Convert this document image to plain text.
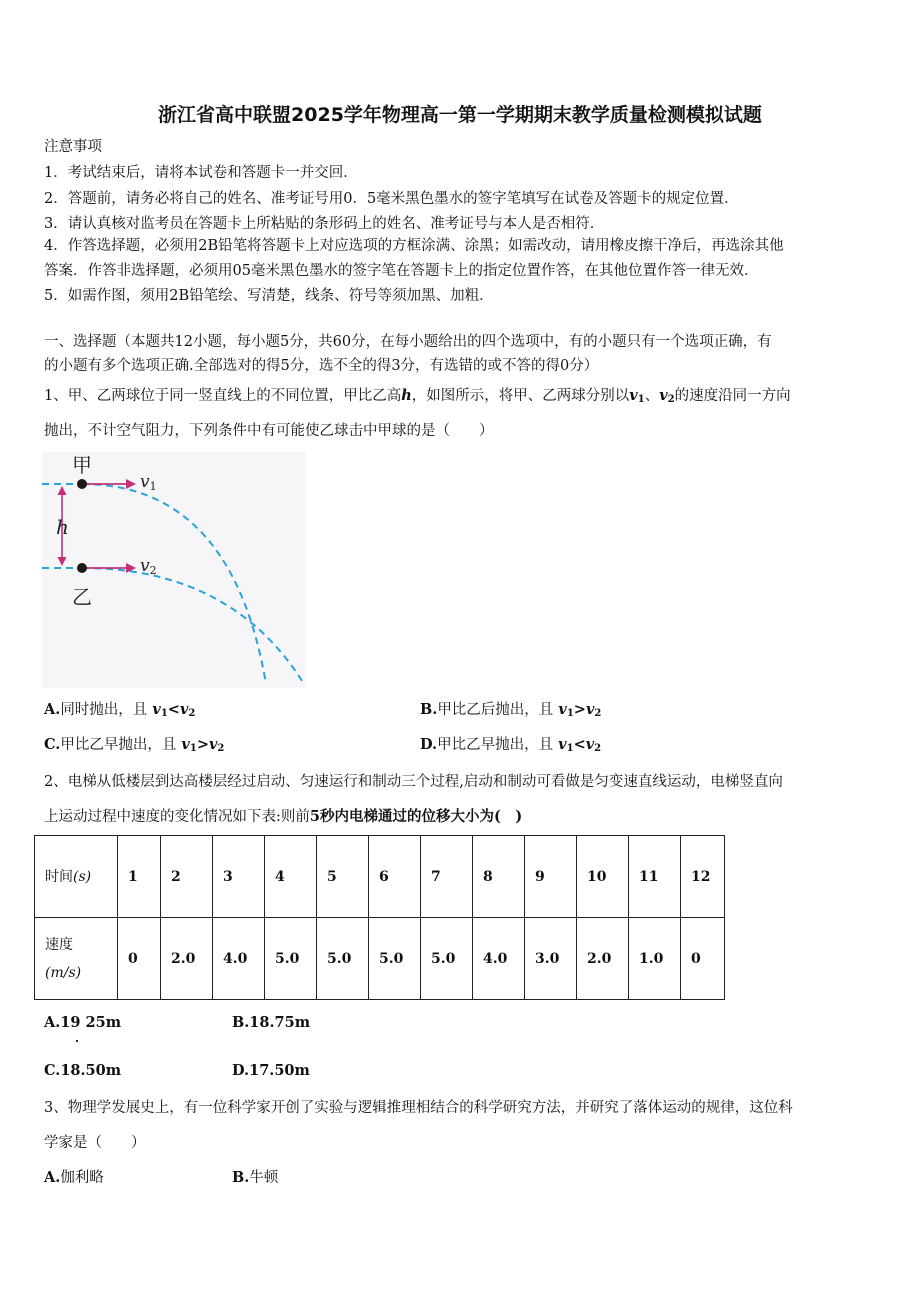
浙江省高中联盟2025学年物理高一第一学期期末教学质量检测模拟试题
注意事项
1．考试结束后，请将本试卷和答题卡一并交回．
2．答题前，请务必将自己的姓名、准考证号用0．5毫米黑色墨水的签字笔填写在试卷及答题卡的规定位置．
3．请认真核对监考员在答题卡上所粘贴的条形码上的姓名、准考证号与本人是否相符．
4．作答选择题，必须用2B铅笔将答题卡上对应选项的方框涂满、涂黑；如需改动，请用橡皮擦干净后，再选涂其他
答案．作答非选择题，必须用05毫米黑色墨水的签字笔在答题卡上的指定位置作答，在其他位置作答一律无效．
5．如需作图，须用2B铅笔绘、写清楚，线条、符号等须加黑、加粗．
一、选择题（本题共12小题，每小题5分，共60分，在每小题给出的四个选项中，有的小题只有一个选项正确，有
的小题有多个选项正确.全部选对的得5分，选不全的得3分，有选错的或不答的得0分）
1、甲、乙两球位于同一竖直线上的不同位置，甲比乙高h，如图所示，将甲、乙两球分别以$v_1$、$v_2$的速度沿同一方向
抛出，不计空气阻力，下列条件中有可能使乙球击中甲球的是（　　）
甲
乙
h
v1
v2
A.同时抛出，且 $v_1<v_2$	B.甲比乙后抛出，且 $v_1>v_2$
C.甲比乙早抛出，且 $v_1>v_2$	D.甲比乙早抛出，且 $v_1<v_2$
2、电梯从低楼层到达高楼层经过启动、匀速运行和制动三个过程,启动和制动可看做是匀变速直线运动，电梯竖直向
上运动过程中速度的变化情况如下表:则前5秒内电梯通过的位移大小为(　)
时间(s)	1	2	3	4	5	6	7	8	9	10	11	12

速度
(m/s)	0	2.0	4.0	5.0	5.0	5.0	5.0	4.0	3.0	2.0	1.0	0
A.19 25m	B.18.75m
C.18.50m	D.17.50m
3、物理学发展史上，有一位科学家开创了实验与逻辑推理相结合的科学研究方法，并研究了落体运动的规律，这位科
学家是（　　）
A.伽利略	B.牛顿
